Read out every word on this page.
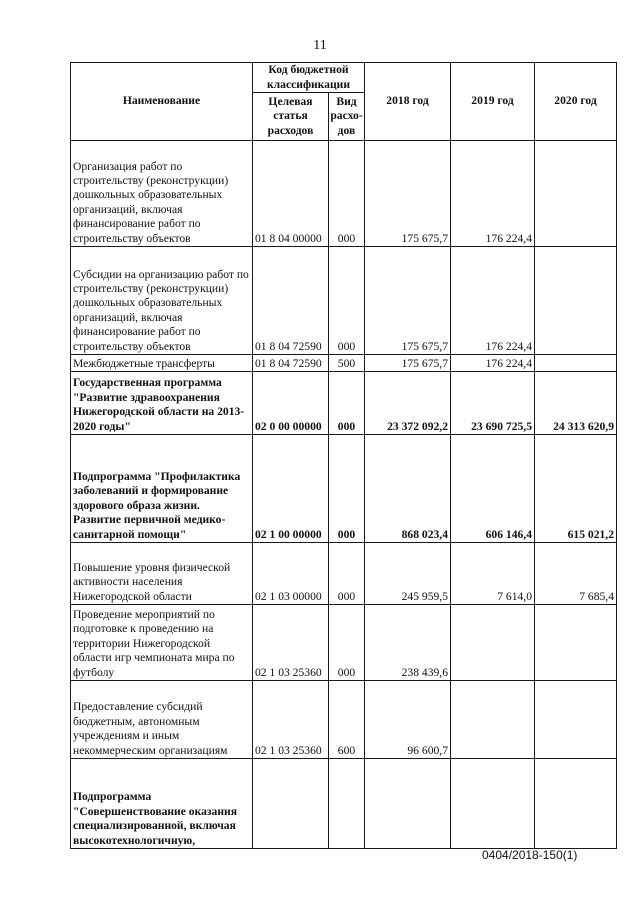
11
Наименование	Код бюджетной классификации		2018 год	2019 год	2020 год
	Целевая статья расходов	Вид расхо-дов			
Организация работ по строительству (реконструкции) дошкольных образовательных организаций, включая финансирование работ по строительству объектов	01 8 04 00000	000	175 675,7	176 224,4	
Субсидии на организацию работ по строительству (реконструкции) дошкольных образовательных организаций, включая финансирование работ по строительству объектов	01 8 04 72590	000	175 675,7	176 224,4	
Межбюджетные трансферты	01 8 04 72590	500	175 675,7	176 224,4	
Государственная программа "Развитие здравоохранения Нижегородской области на 2013-2020 годы"	02 0 00 00000	000	23 372 092,2	23 690 725,5	24 313 620,9
Подпрограмма "Профилактика заболеваний и формирование здорового образа жизни. Развитие первичной медико-санитарной помощи"	02 1 00 00000	000	868 023,4	606 146,4	615 021,2
Повышение уровня физической активности населения Нижегородской области	02 1 03 00000	000	245 959,5	7 614,0	7 685,4
Проведение мероприятий по подготовке к проведению на территории Нижегородской области игр чемпионата мира по футболу	02 1 03 25360	000	238 439,6		
Предоставление субсидий бюджетным, автономным учреждениям и иным некоммерческим организациям	02 1 03 25360	600	96 600,7		
Подпрограмма "Совершенствование оказания специализированной, включая высокотехнологичную,					
0404/2018-150(1)
